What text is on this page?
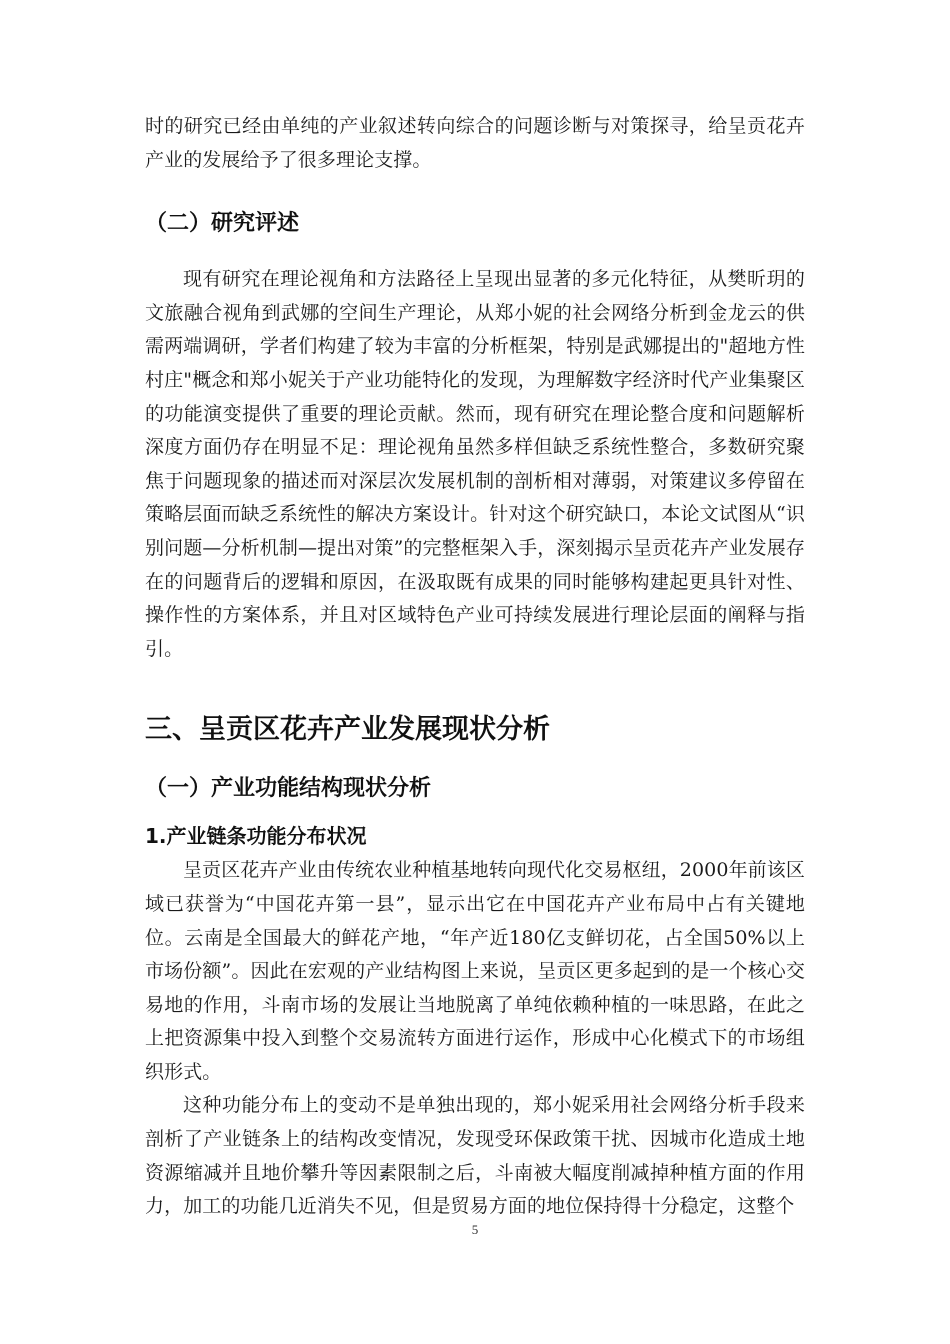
时的研究已经由单纯的产业叙述转向综合的问题诊断与对策探寻，给呈贡花卉产业的发展给予了很多理论支撑。

（二）研究评述

现有研究在理论视角和方法路径上呈现出显著的多元化特征，从樊昕玥的文旅融合视角到武娜的空间生产理论，从郑小妮的社会网络分析到金龙云的供需两端调研，学者们构建了较为丰富的分析框架，特别是武娜提出的"超地方性村庄"概念和郑小妮关于产业功能特化的发现，为理解数字经济时代产业集聚区的功能演变提供了重要的理论贡献。然而，现有研究在理论整合度和问题解析深度方面仍存在明显不足：理论视角虽然多样但缺乏系统性整合，多数研究聚焦于问题现象的描述而对深层次发展机制的剖析相对薄弱，对策建议多停留在策略层面而缺乏系统性的解决方案设计。针对这个研究缺口，本论文试图从“识别问题—分析机制—提出对策”的完整框架入手，深刻揭示呈贡花卉产业发展存在的问题背后的逻辑和原因，在汲取既有成果的同时能够构建起更具针对性、操作性的方案体系，并且对区域特色产业可持续发展进行理论层面的阐释与指引。

三、呈贡区花卉产业发展现状分析
（一）产业功能结构现状分析
1.产业链条功能分布状况

呈贡区花卉产业由传统农业种植基地转向现代化交易枢纽，2000年前该区域已获誉为“中国花卉第一县”，显示出它在中国花卉产业布局中占有关键地位。云南是全国最大的鲜花产地，“年产近180亿支鲜切花，占全国50%以上市场份额”。因此在宏观的产业结构图上来说，呈贡区更多起到的是一个核心交易地的作用，斗南市场的发展让当地脱离了单纯依赖种植的一味思路，在此之上把资源集中投入到整个交易流转方面进行运作，形成中心化模式下的市场组织形式。

这种功能分布上的变动不是单独出现的，郑小妮采用社会网络分析手段来剖析了产业链条上的结构改变情况，发现受环保政策干扰、因城市化造成土地资源缩减并且地价攀升等因素限制之后，斗南被大幅度削减掉种植方面的作用力，加工的功能几近消失不见，但是贸易方面的地位保持得十分稳定，这整个

5
